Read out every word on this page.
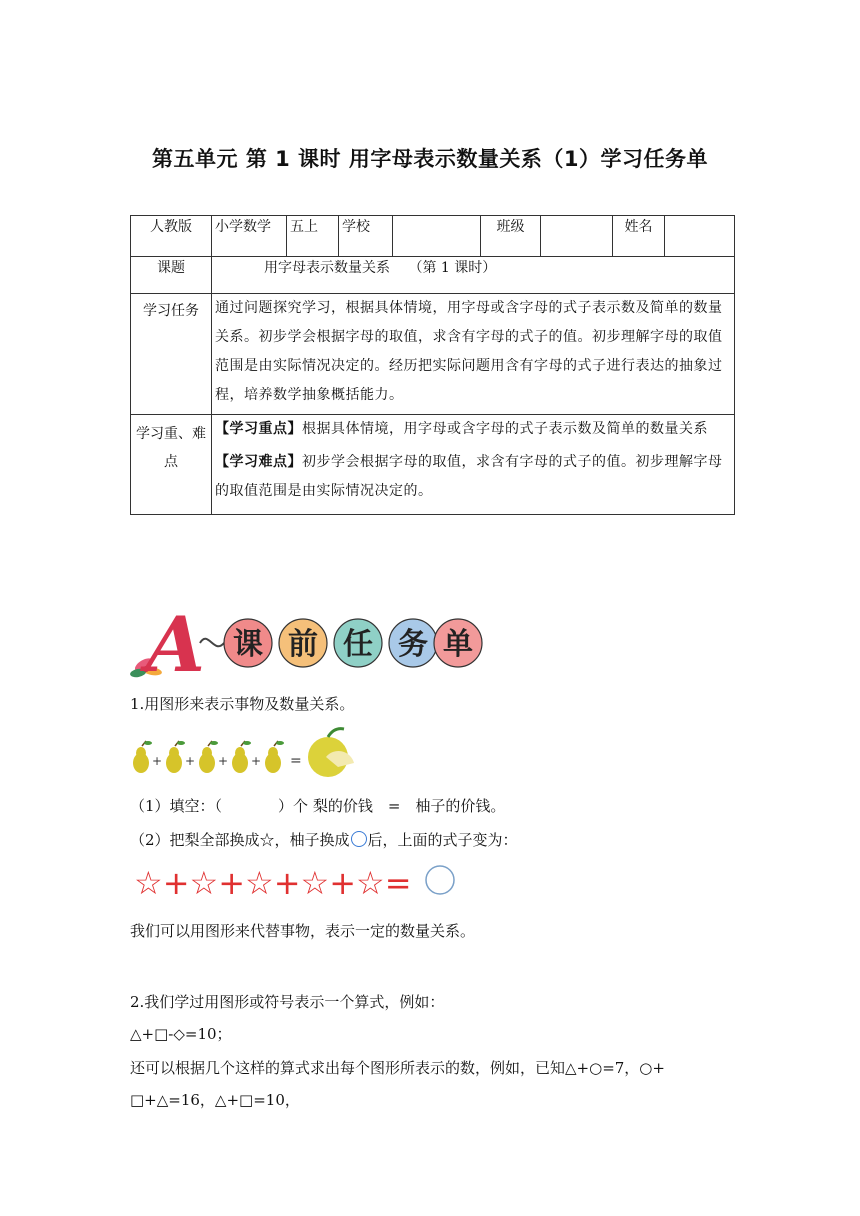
第五单元 第 1 课时 用字母表示数量关系（1）学习任务单
人教版	小学数学	五上	学校		班级		姓名	
课题	用字母表示数量关系　 （第 1 课时）							
学习任务	通过问题探究学习，根据具体情境，用字母或含字母的式子表示数及简单的数量关系。初步学会根据字母的取值，求含有字母的式子的值。初步理解字母的取值范围是由实际情况决定的。经历把实际问题用含有字母的式子进行表达的抽象过程，培养数学抽象概括能力。							
学习重、难点	【学习重点】根据具体情境，用字母或含字母的式子表示数及简单的数量关系

【学习难点】初步学会根据字母的取值，求含有字母的式子的值。初步理解字母的取值范围是由实际情况决定的。							
A 课 前 任 务 单
1.用图形来表示事物及数量关系。
+ + + + =
（1）填空：（	）个 梨的价钱　=　柚子的价钱。
（2）把梨全部换成☆，柚子换成 后，上面的式子变为：
☆+☆+☆+☆+☆=
我们可以用图形来代替事物，表示一定的数量关系。
2.我们学过用图形或符号表示一个算式，例如：
△+□-◇=10；
还可以根据几个这样的算式求出每个图形所表示的数，例如，已知△+○=7，○+
□+△=16，△+□=10，
